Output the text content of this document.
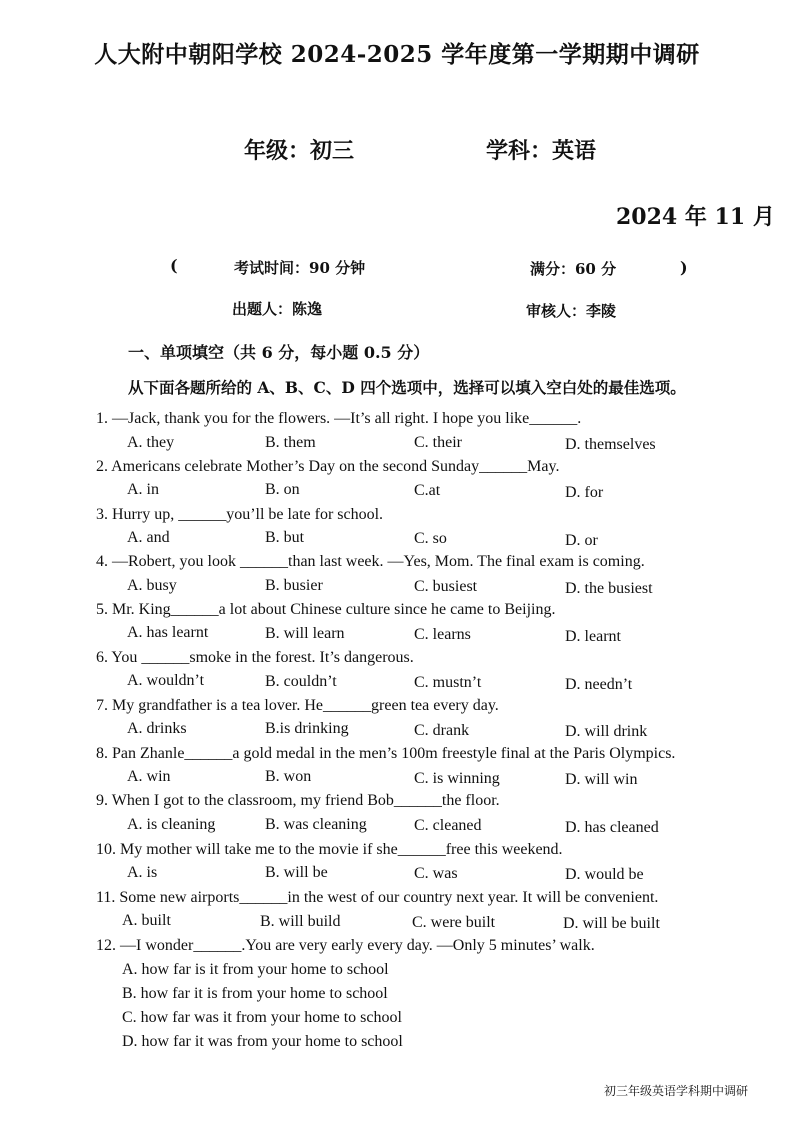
人大附中朝阳学校 2024-2025 学年度第一学期期中调研
年级：初三	学科：英语
2024 年 11 月
(	考试时间：90 分钟	满分：60 分	)
出题人：陈逸	审核人：李陵
一、单项填空（共 6 分，每小题 0.5 分）
从下面各题所给的 A、B、C、D 四个选项中，选择可以填入空白处的最佳选项。
1. —Jack, thank you for the flowers. —It’s all right. I hope you like______.
A. they	B. them	C. their	D. themselves
2. Americans celebrate Mother’s Day on the second Sunday______May.
A. in	B. on	C.at	D. for
3. Hurry up, ______you’ll be late for school.
A. and	B. but	C. so	D. or
4. —Robert, you look ______than last week. —Yes, Mom. The final exam is coming.
A. busy	B. busier	C. busiest	D. the busiest
5. Mr. King______a lot about Chinese culture since he came to Beijing.
A. has learnt	B. will learn	C. learns	D. learnt
6. You ______smoke in the forest. It’s dangerous.
A. wouldn’t	B. couldn’t	C. mustn’t	D. needn’t
7. My grandfather is a tea lover. He______green tea every day.
A. drinks	B.is drinking	C. drank	D. will drink
8. Pan Zhanle______a gold medal in the men’s 100m freestyle final at the Paris Olympics.
A. win	B. won	C. is winning	D. will win
9. When I got to the classroom, my friend Bob______the floor.
A. is cleaning	B. was cleaning	C. cleaned	D. has cleaned
10. My mother will take me to the movie if she______free this weekend.
A. is	B. will be	C. was	D. would be
11. Some new airports______in the west of our country next year. It will be convenient.
A. built	B. will build	C. were built	D. will be built
12. —I wonder______.You are very early every day. —Only 5 minutes’ walk.
A. how far is it from your home to school
B. how far it is from your home to school
C. how far was it from your home to school
D. how far it was from your home to school
初三年级英语学科期中调研
